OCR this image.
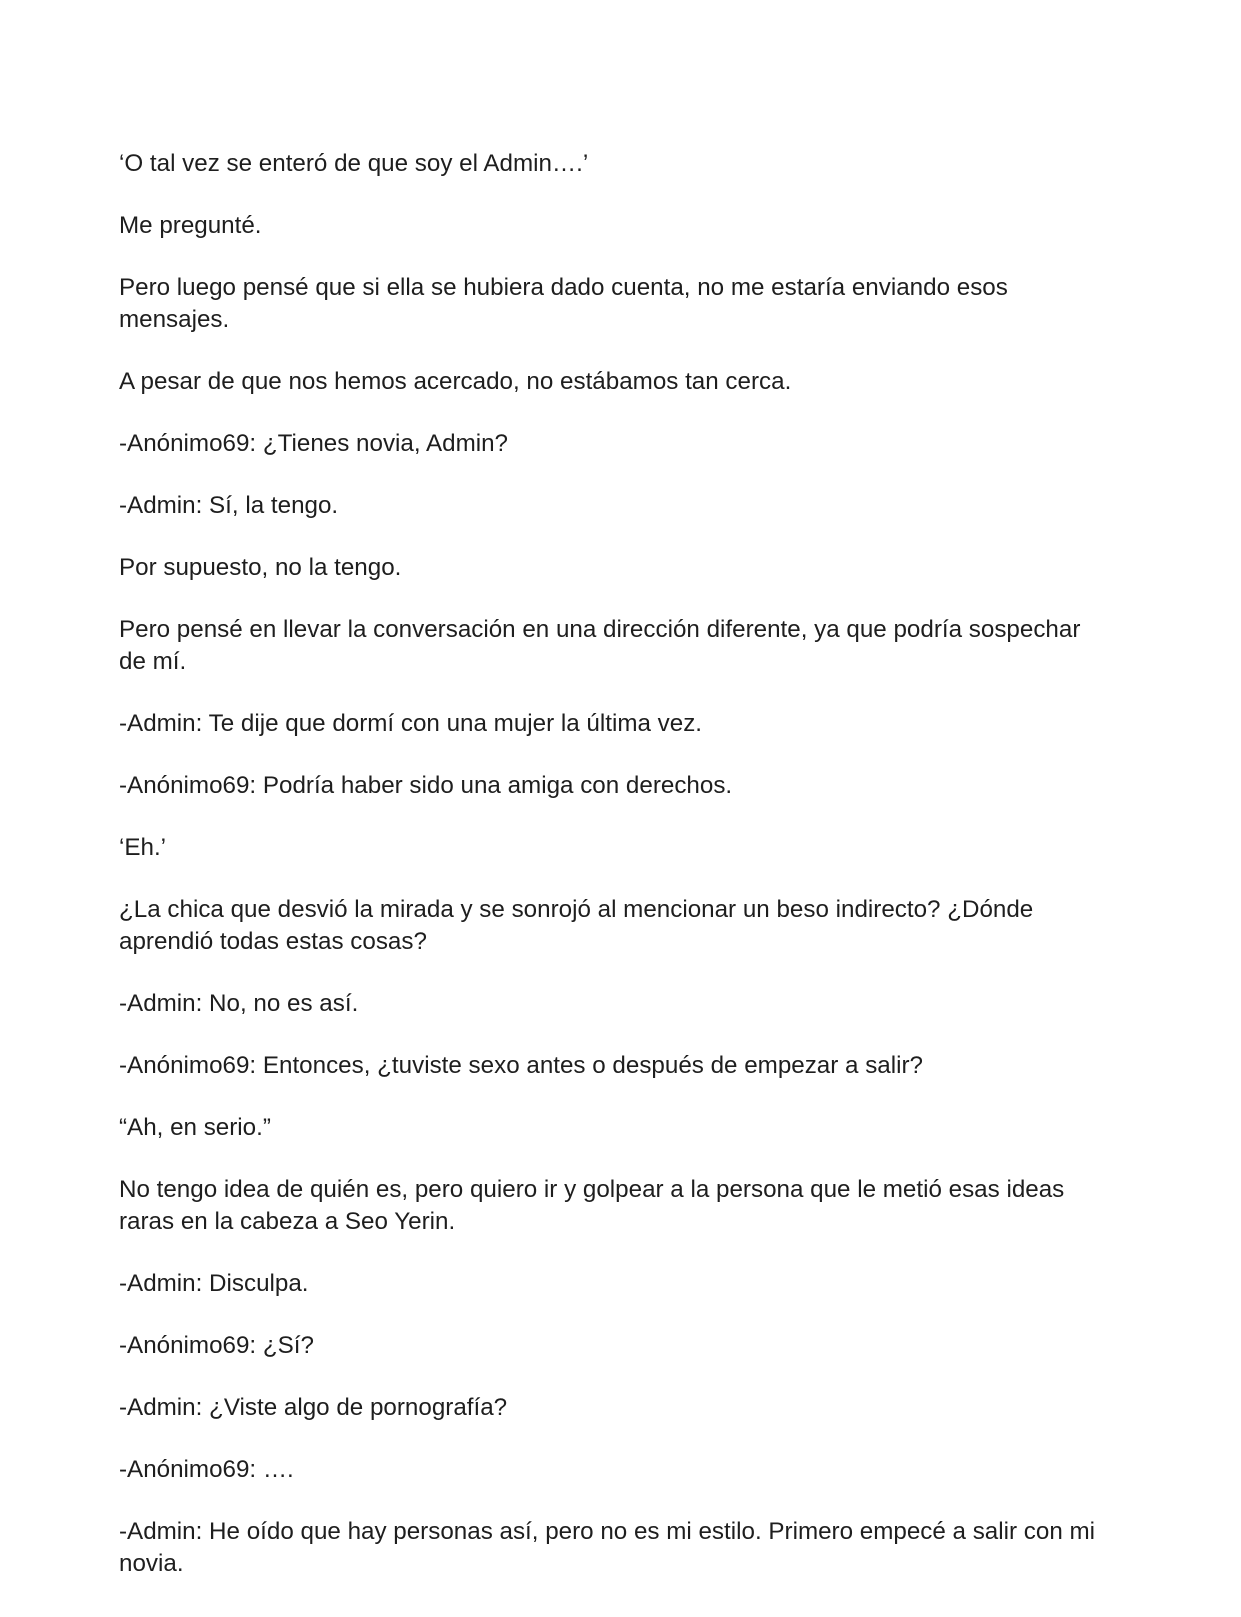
‘O tal vez se enteró de que soy el Admin….’

Me pregunté.

Pero luego pensé que si ella se hubiera dado cuenta, no me estaría enviando esos mensajes.

A pesar de que nos hemos acercado, no estábamos tan cerca.

-Anónimo69: ¿Tienes novia, Admin?

-Admin: Sí, la tengo.

Por supuesto, no la tengo.

Pero pensé en llevar la conversación en una dirección diferente, ya que podría sospechar de mí.

-Admin: Te dije que dormí con una mujer la última vez.

-Anónimo69: Podría haber sido una amiga con derechos.

‘Eh.’

¿La chica que desvió la mirada y se sonrojó al mencionar un beso indirecto? ¿Dónde aprendió todas estas cosas?

-Admin: No, no es así.

-Anónimo69: Entonces, ¿tuviste sexo antes o después de empezar a salir?

“Ah, en serio.”

No tengo idea de quién es, pero quiero ir y golpear a la persona que le metió esas ideas raras en la cabeza a Seo Yerin.

-Admin: Disculpa.

-Anónimo69: ¿Sí?

-Admin: ¿Viste algo de pornografía?

-Anónimo69: ….

-Admin: He oído que hay personas así, pero no es mi estilo. Primero empecé a salir con mi novia.
